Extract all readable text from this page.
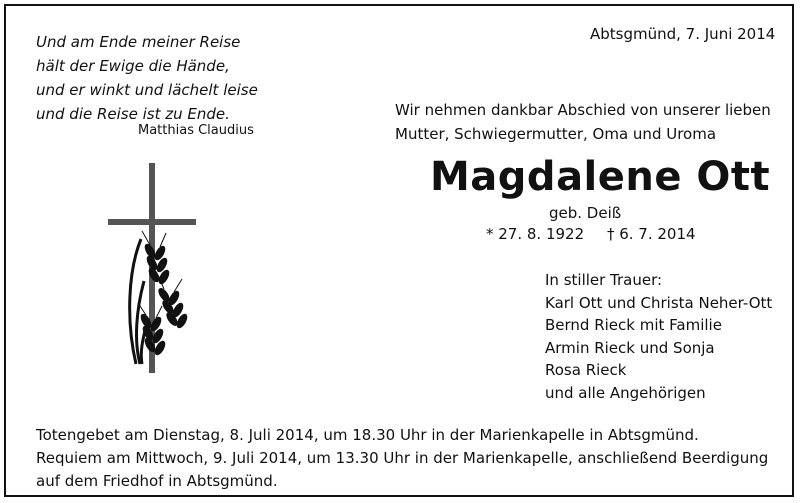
Und am Ende meiner Reise
hält der Ewige die Hände,
und er winkt und lächelt leise
und die Reise ist zu Ende.
Matthias Claudius
Abtsgmünd, 7. Juni 2014
Wir nehmen dankbar Abschied von unserer lieben
Mutter, Schwiegermutter, Oma und Uroma
Magdalene Ott
geb. Deiß
* 27. 8. 1922 † 6. 7. 2014
In stiller Trauer:
Karl Ott und Christa Neher-Ott
Bernd Rieck mit Familie
Armin Rieck und Sonja
Rosa Rieck
und alle Angehörigen
Totengebet am Dienstag, 8. Juli 2014, um 18.30 Uhr in der Marienkapelle in Abtsgmünd.
Requiem am Mittwoch, 9. Juli 2014, um 13.30 Uhr in der Marienkapelle, anschließend Beerdigung
auf dem Friedhof in Abtsgmünd.
